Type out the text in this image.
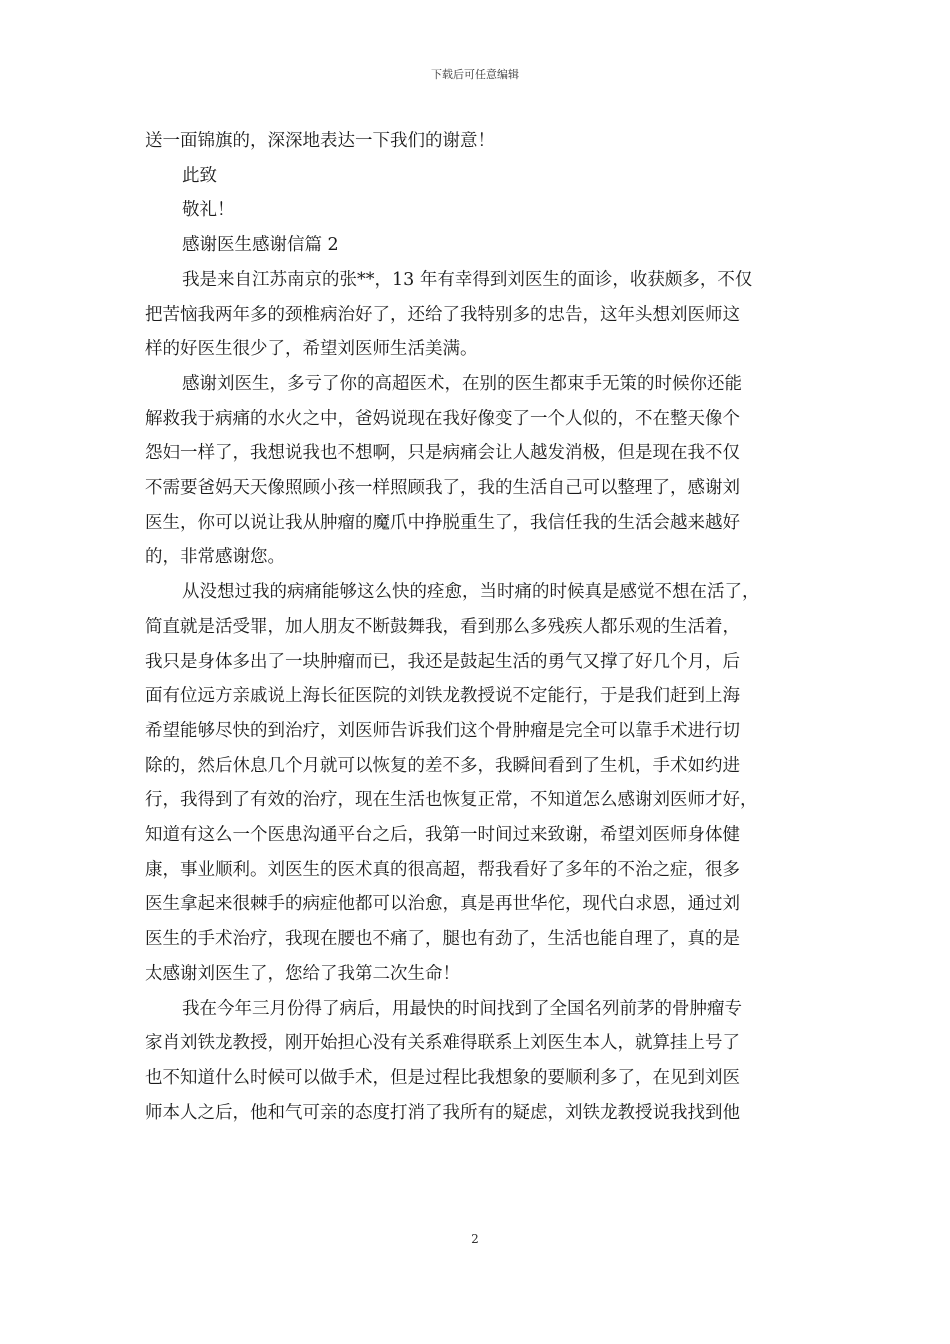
下载后可任意编辑
送一面锦旗的，深深地表达一下我们的谢意！
此致
敬礼！
感谢医生感谢信篇 2
我是来自江苏南京的张**，13 年有幸得到刘医生的面诊，收获颇多，不仅
把苦恼我两年多的颈椎病治好了，还给了我特别多的忠告，这年头想刘医师这
样的好医生很少了，希望刘医师生活美满。
感谢刘医生，多亏了你的高超医术，在别的医生都束手无策的时候你还能
解救我于病痛的水火之中，爸妈说现在我好像变了一个人似的，不在整天像个
怨妇一样了，我想说我也不想啊，只是病痛会让人越发消极，但是现在我不仅
不需要爸妈天天像照顾小孩一样照顾我了，我的生活自己可以整理了，感谢刘
医生，你可以说让我从肿瘤的魔爪中挣脱重生了，我信任我的生活会越来越好
的，非常感谢您。
从没想过我的病痛能够这么快的痊愈，当时痛的时候真是感觉不想在活了，
简直就是活受罪，加人朋友不断鼓舞我，看到那么多残疾人都乐观的生活着，
我只是身体多出了一块肿瘤而已，我还是鼓起生活的勇气又撑了好几个月，后
面有位远方亲戚说上海长征医院的刘铁龙教授说不定能行，于是我们赶到上海
希望能够尽快的到治疗，刘医师告诉我们这个骨肿瘤是完全可以靠手术进行切
除的，然后休息几个月就可以恢复的差不多，我瞬间看到了生机，手术如约进
行，我得到了有效的治疗，现在生活也恢复正常，不知道怎么感谢刘医师才好，
知道有这么一个医患沟通平台之后，我第一时间过来致谢，希望刘医师身体健
康，事业顺利。刘医生的医术真的很高超，帮我看好了多年的不治之症，很多
医生拿起来很棘手的病症他都可以治愈，真是再世华佗，现代白求恩，通过刘
医生的手术治疗，我现在腰也不痛了，腿也有劲了，生活也能自理了，真的是
太感谢刘医生了，您给了我第二次生命！
我在今年三月份得了病后，用最快的时间找到了全国名列前茅的骨肿瘤专
家肖刘铁龙教授，刚开始担心没有关系难得联系上刘医生本人，就算挂上号了
也不知道什么时候可以做手术，但是过程比我想象的要顺利多了，在见到刘医
师本人之后，他和气可亲的态度打消了我所有的疑虑，刘铁龙教授说我找到他
2
